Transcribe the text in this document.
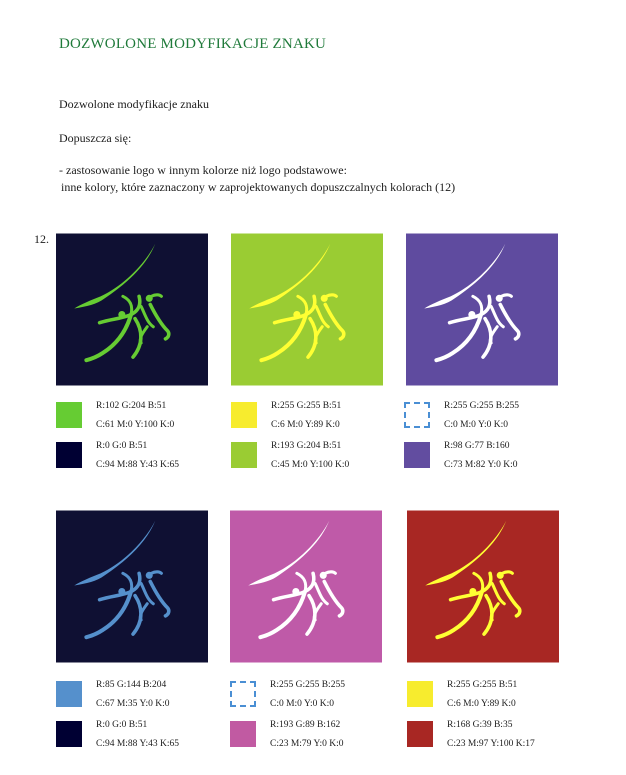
DOZWOLONE MODYFIKACJE ZNAKU
Dozwolone modyfikacje znaku
Dopuszcza się:
- zastosowanie logo w innym kolorze niż logo podstawowe:
inne kolory, które zaznaczony w zaprojektowanych dopuszczalnych kolorach (12)
12.
R:102 G:204 B:51
C:61 M:0 Y:100 K:0
R:0 G:0 B:51
C:94 M:88 Y:43 K:65
R:255 G:255 B:51
C:6 M:0 Y:89 K:0
R:193 G:204 B:51
C:45 M:0 Y:100 K:0
R:255 G:255 B:255
C:0 M:0 Y:0 K:0
R:98 G:77 B:160
C:73 M:82 Y:0 K:0
R:85 G:144 B:204
C:67 M:35 Y:0 K:0
R:0 G:0 B:51
C:94 M:88 Y:43 K:65
R:255 G:255 B:255
C:0 M:0 Y:0 K:0
R:193 G:89 B:162
C:23 M:79 Y:0 K:0
R:255 G:255 B:51
C:6 M:0 Y:89 K:0
R:168 G:39 B:35
C:23 M:97 Y:100 K:17
